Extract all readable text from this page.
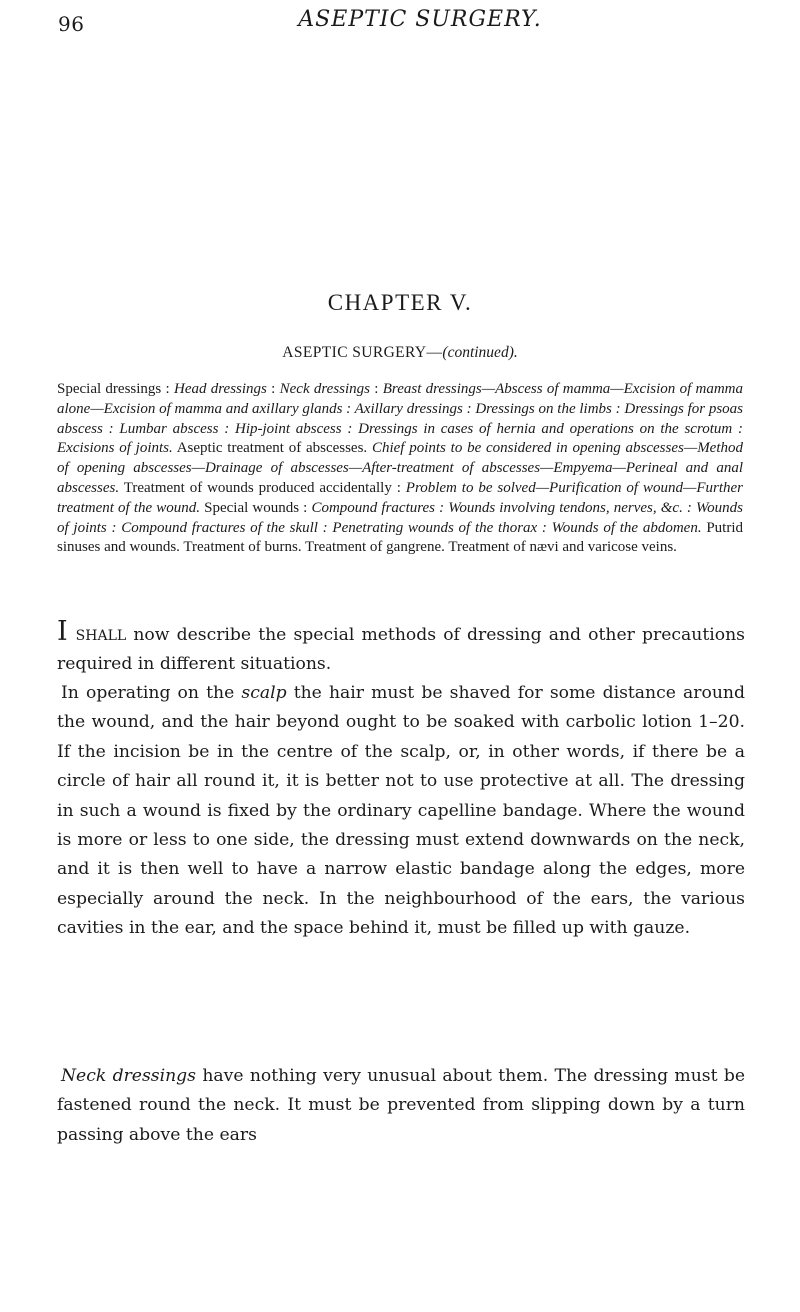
96	ASEPTIC SURGERY.
CHAPTER V.
ASEPTIC SURGERY—(continued).
Special dressings : Head dressings : Neck dressings : Breast dressings—Abscess of mamma—Excision of mamma alone—Excision of mamma and axillary glands : Axillary dressings : Dressings on the limbs : Dressings for psoas abscess : Lumbar abscess : Hip-joint abscess : Dressings in cases of hernia and operations on the scrotum : Excisions of joints. Aseptic treatment of abscesses. Chief points to be considered in opening abscesses—Method of opening abscesses—Drainage of abscesses—After-treatment of abscesses—Empyema—Perineal and anal abscesses. Treatment of wounds produced accidentally : Problem to be solved—Purification of wound—Further treatment of the wound. Special wounds : Compound fractures : Wounds involving tendons, nerves, &c. : Wounds of joints : Compound fractures of the skull : Penetrating wounds of the thorax : Wounds of the abdomen. Putrid sinuses and wounds. Treatment of burns. Treatment of gangrene. Treatment of nævi and varicose veins.

I shall now describe the special methods of dressing and other precautions required in different situations.

In operating on the scalp the hair must be shaved for some distance around the wound, and the hair beyond ought to be soaked with carbolic lotion 1–20. If the incision be in the centre of the scalp, or, in other words, if there be a circle of hair all round it, it is better not to use protective at all. The dressing in such a wound is fixed by the ordinary capelline bandage. Where the wound is more or less to one side, the dressing must extend downwards on the neck, and it is then well to have a narrow elastic bandage along the edges, more especially around the neck. In the neighbourhood of the ears, the various cavities in the ear, and the space behind it, must be filled up with gauze.

Neck dressings have nothing very unusual about them. The dressing must be fastened round the neck. It must be prevented from slipping down by a turn passing above the ears
